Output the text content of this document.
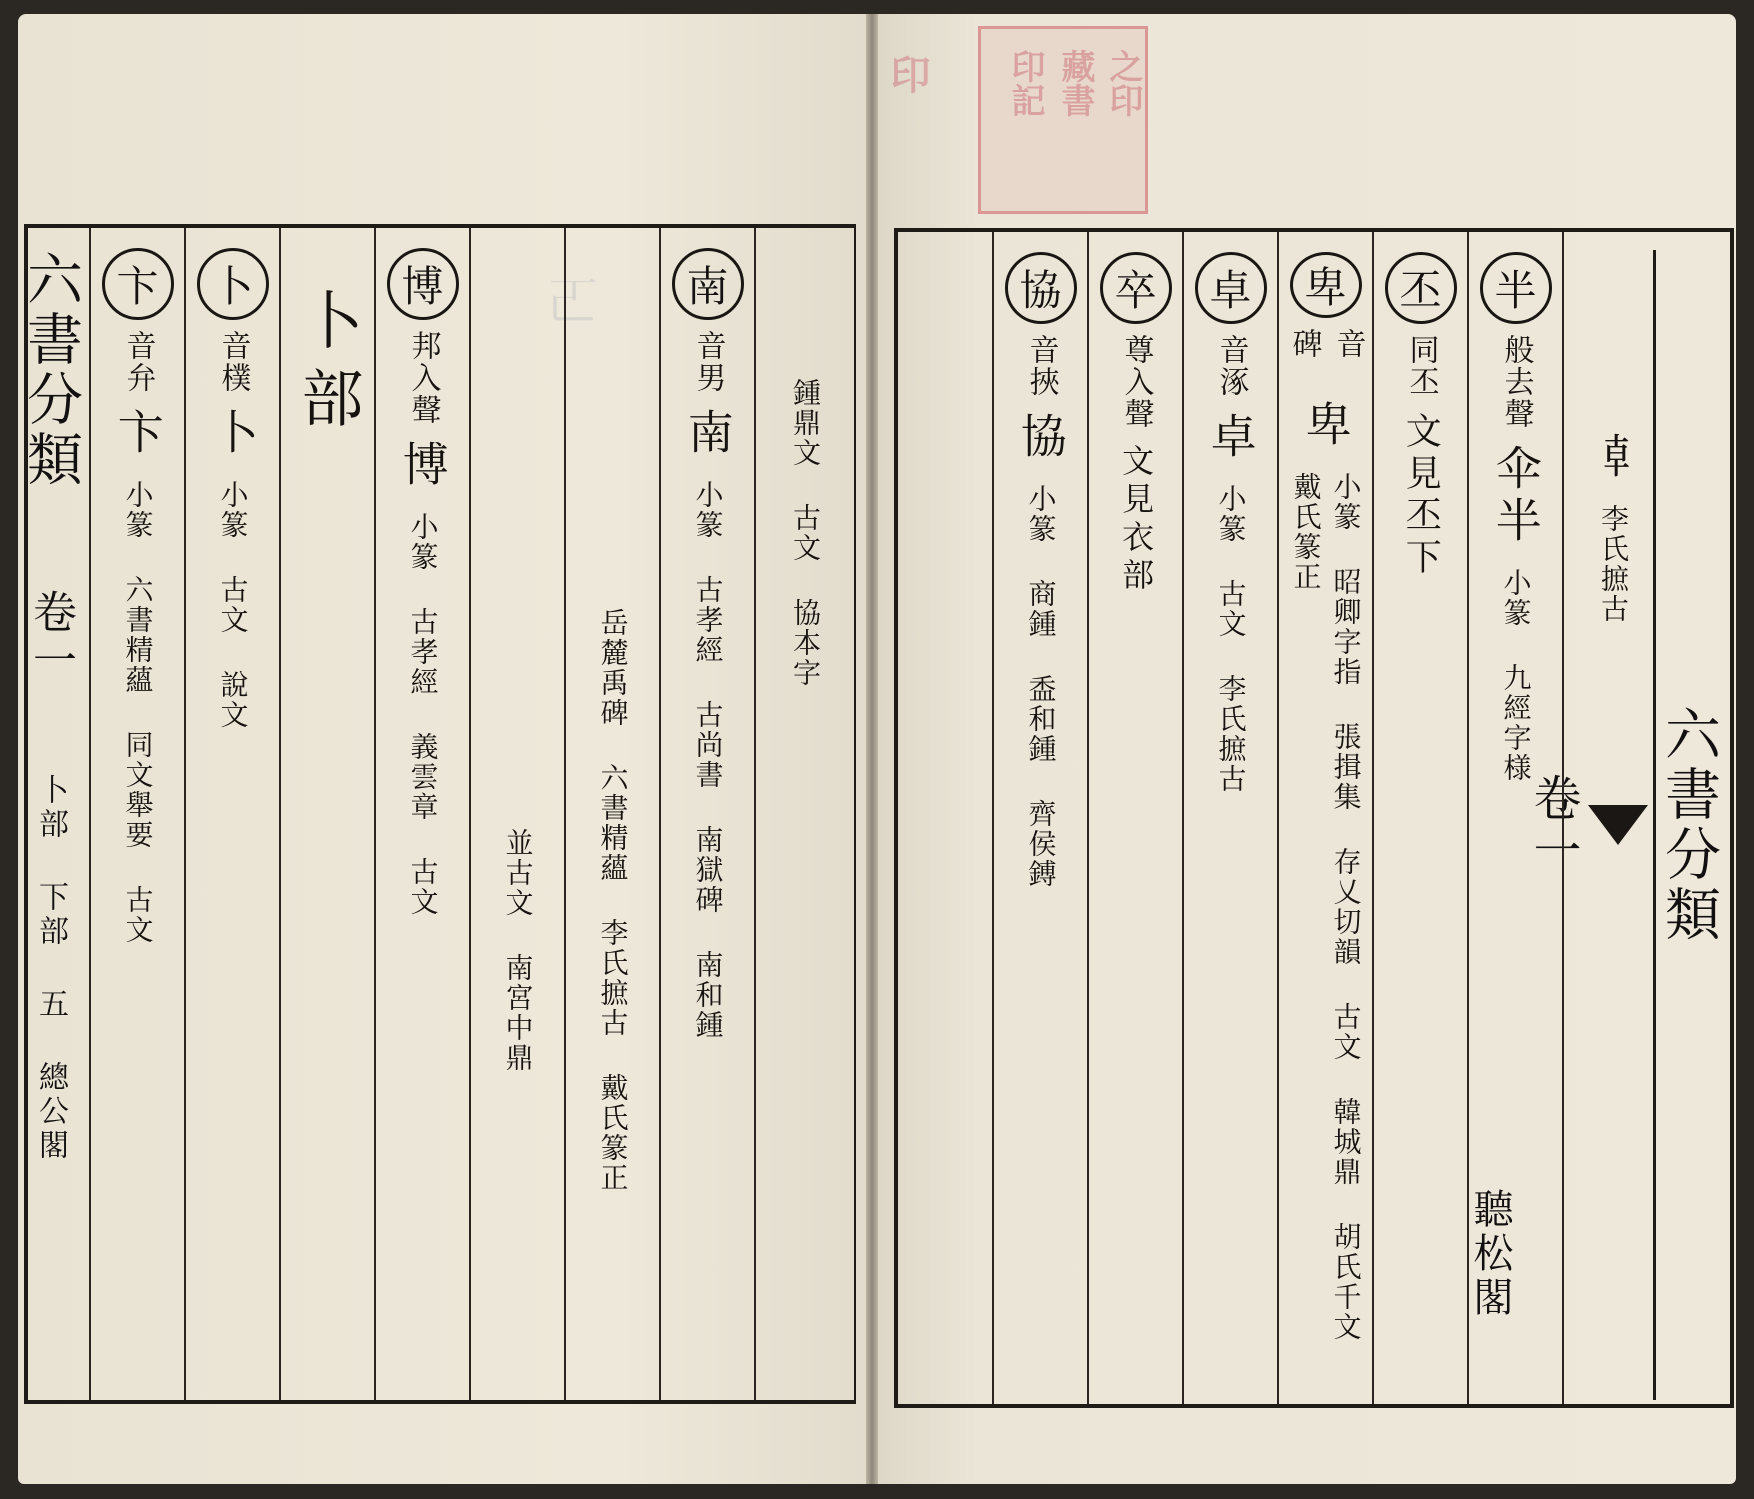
𠀀
六書分類 卷一 卜部 下部 五 總公閣
鍾鼎文 古文 協本字
南
音男
南
小篆 古孝經 古尚書 南獄碑 南和鍾
岳麓禹碑 六書精蘊 李氏摭古 戴氏篆正
並古文 南宮中鼎
博
邦入聲
博
小篆 古孝經 義雲章 古文
卜部
卜
音樸
卜
小篆 古文 說文
卞
音弁
卞
小篆 六書精蘊 同文舉要 古文
印 印記 藏書 之印
六書分類
卷一
聽松閣
𠦝
李氏摭古
半
般去聲
伞半
小篆 九經字様
丕
同丕
文見丕下
卑
音碑
卑
小篆 昭卿字指 張揖集 存乂切韻 古文 韓城鼎 胡氏千文 戴氏篆正
卓
音涿
卓
小篆 古文 李氏摭古
卒
尊入聲
文見衣部
協
音挾
協
小篆 商鍾 盉和鍾 齊侯鎛
